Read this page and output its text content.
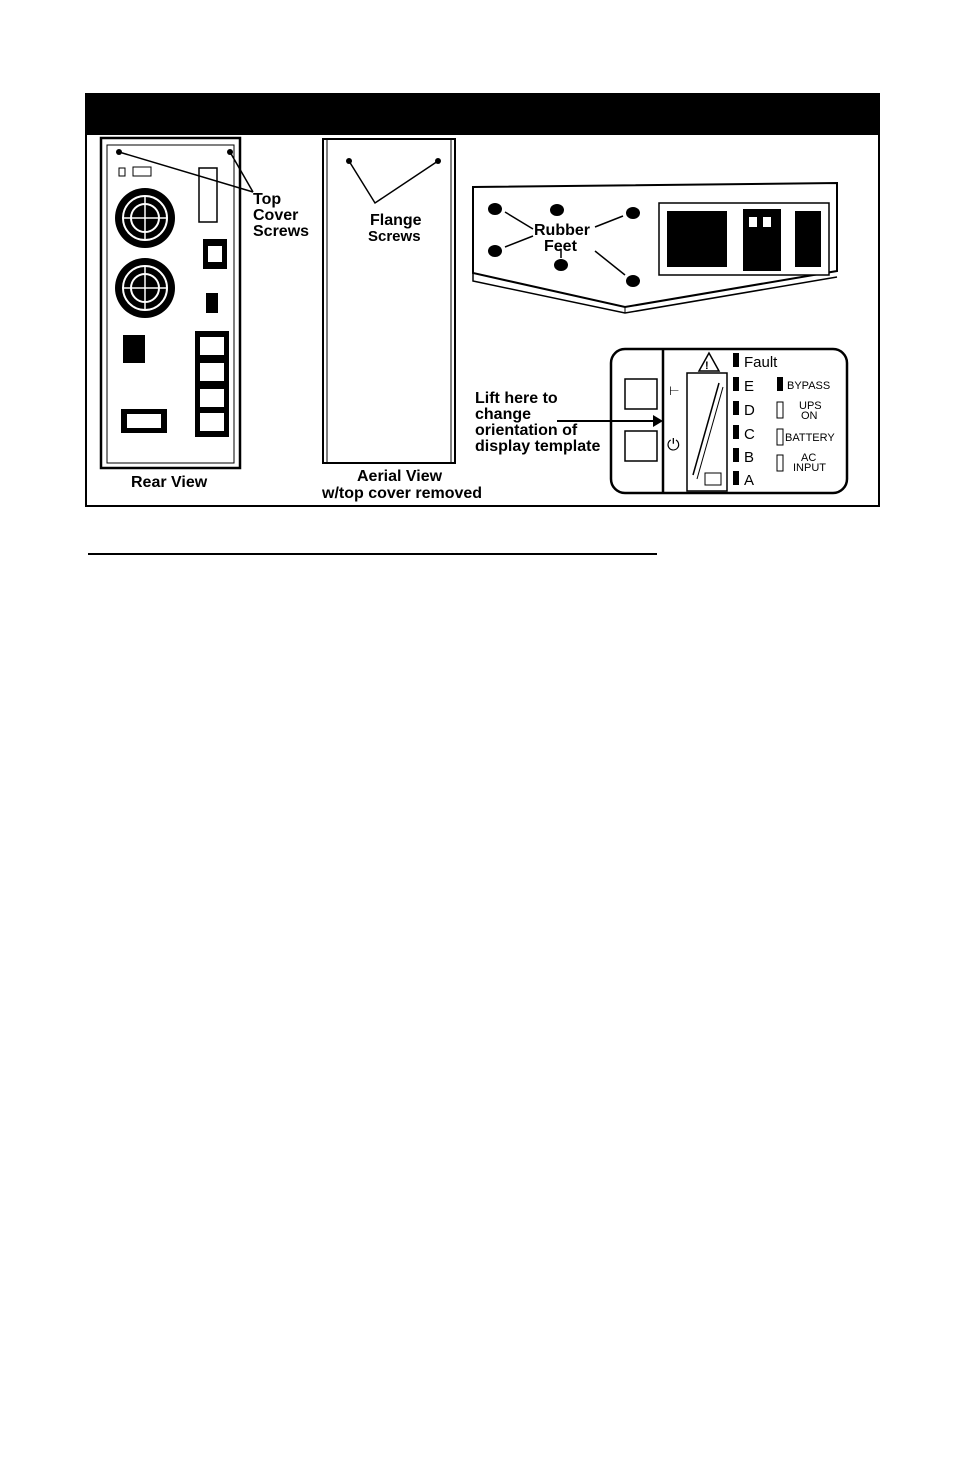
⊢
⏻
!
Top
Cover
Screws
Flange
Screws	Rubber
Feet
Lift here to
change
orientation of
display template
Rear View	Aerial View
w/top cover removed
Fault
E
D
C
B
A
BYPASS
UPS
ON
BATTERY
AC
INPUT
